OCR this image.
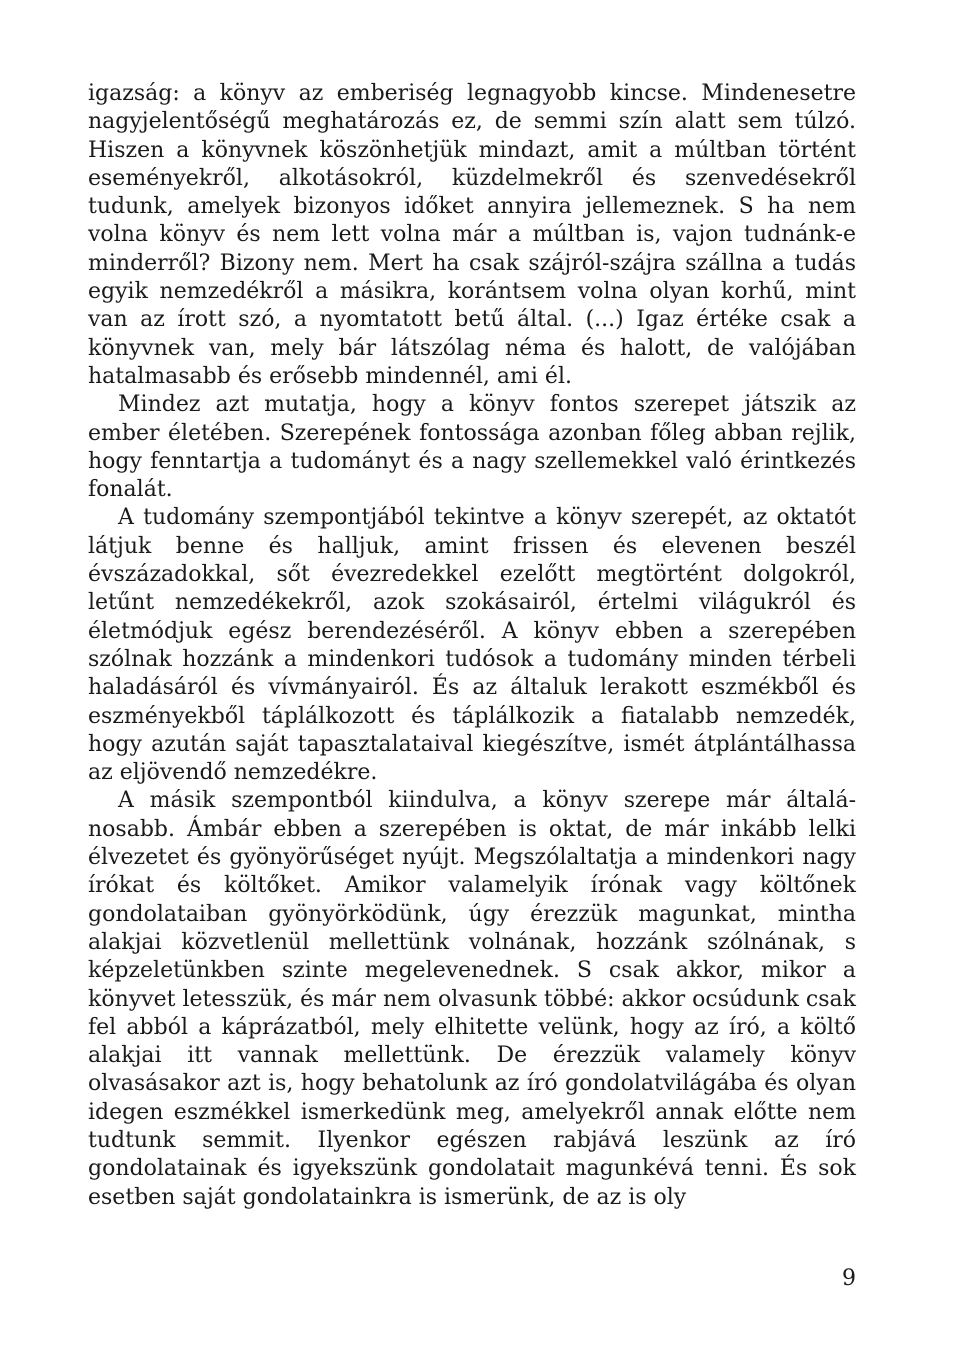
igazság: a könyv az emberiség legnagyobb kincse. Mindenesetre nagyjelentőségű meghatározás ez, de semmi szín alatt sem túlzó. Hiszen a könyvnek köszönhetjük mindazt, amit a múltban történt eseményekről, alkotásokról, küzdelmekről és szenvedésekről tudunk, amelyek bizonyos időket annyira jellemeznek. S ha nem volna könyv és nem lett volna már a múltban is, vajon tudnánk-e minderről? Bizony nem. Mert ha csak szájról-szájra szállna a tudás egyik nemzedékről a másikra, korántsem volna olyan korhű, mint van az írott szó, a nyomtatott betű által. (...) Igaz értéke csak a könyvnek van, mely bár látszólag néma és halott, de valójában hatalmasabb és erősebb mindennél, ami él.

Mindez azt mutatja, hogy a könyv fontos szerepet játszik az ember életében. Szerepének fontossága azonban főleg abban rejlik, hogy fenntartja a tudományt és a nagy szellemekkel való érintkezés fonalát.

A tudomány szempontjából tekintve a könyv szerepét, az oktatót látjuk benne és halljuk, amint frissen és elevenen beszél évszázadokkal, sőt évezredekkel ezelőtt megtörtént dolgokról, letűnt nemzedékekről, azok szokásairól, értelmi világukról és életmódjuk egész berendezéséről. A könyv ebben a szerepében szólnak hozzánk a mindenkori tudósok a tudomány minden térbeli haladásáról és vívmányairól. És az általuk lerakott eszmékből és eszményekből táplálkozott és táplálkozik a fiatalabb nemzedék, hogy azután saját tapasztalataival kiegészítve, ismét átplántálhassa az eljövendő nemzedékre.

A másik szempontból kiindulva, a könyv szerepe már általánosabb. Ámbár ebben a szerepében is oktat, de már inkább lelki élvezetet és gyönyörűséget nyújt. Megszólaltatja a mindenkori nagy írókat és költőket. Amikor valamelyik írónak vagy költőnek gondolataiban gyönyörködünk, úgy érezzük magunkat, mintha alakjai közvetlenül mellettünk volnának, hozzánk szólnának, s képzeletünkben szinte megelevenednek. S csak akkor, mikor a könyvet letesszük, és már nem olvasunk többé: akkor ocsúdunk csak fel abból a káprázatból, mely elhitette velünk, hogy az író, a költő alakjai itt vannak mellettünk. De érezzük valamely könyv olvasásakor azt is, hogy behatolunk az író gondolatvilágába és olyan idegen eszmékkel ismerkedünk meg, amelyekről annak előtte nem tudtunk semmit. Ilyenkor egészen rabjává leszünk az író gondolatainak és igyekszünk gondolatait magunkévá tenni. És sok esetben saját gondolatainkra is ismerünk, de az is oly

9
